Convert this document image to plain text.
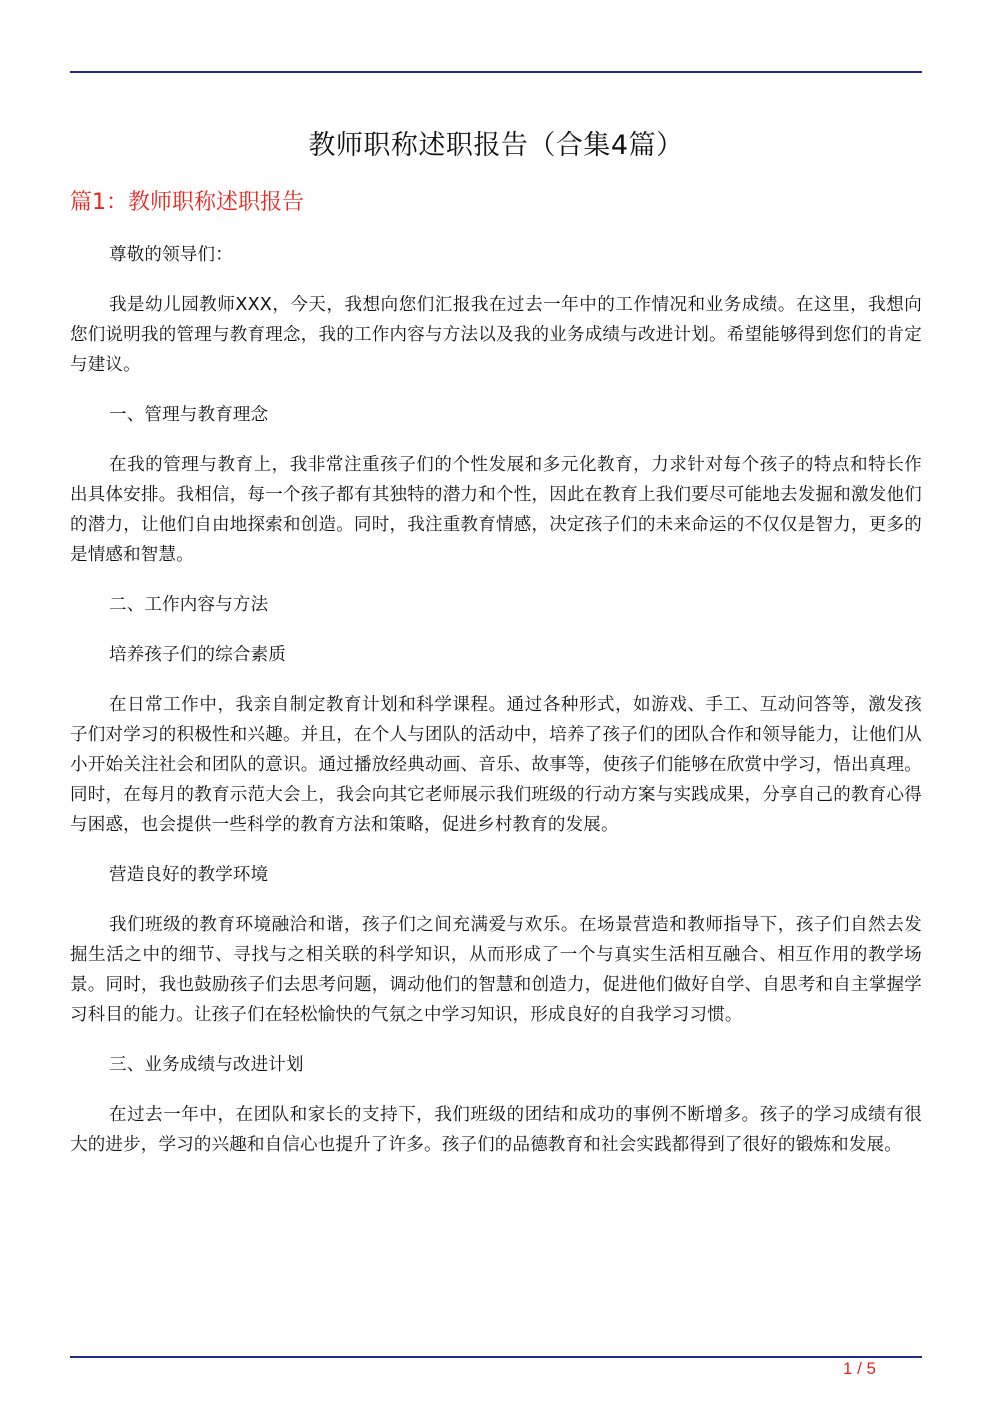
教师职称述职报告（合集4篇）
篇1：教师职称述职报告

尊敬的领导们：

我是幼儿园教师XXX，今天，我想向您们汇报我在过去一年中的工作情况和业务成绩。在这里，我想向您们说明我的管理与教育理念，我的工作内容与方法以及我的业务成绩与改进计划。希望能够得到您们的肯定与建议。

一、管理与教育理念

在我的管理与教育上，我非常注重孩子们的个性发展和多元化教育，力求针对每个孩子的特点和特长作出具体安排。我相信，每一个孩子都有其独特的潜力和个性，因此在教育上我们要尽可能地去发掘和激发他们的潜力，让他们自由地探索和创造。同时，我注重教育情感，决定孩子们的未来命运的不仅仅是智力，更多的是情感和智慧。

二、工作内容与方法

培养孩子们的综合素质

在日常工作中，我亲自制定教育计划和科学课程。通过各种形式，如游戏、手工、互动问答等，激发孩子们对学习的积极性和兴趣。并且，在个人与团队的活动中，培养了孩子们的团队合作和领导能力，让他们从小开始关注社会和团队的意识。通过播放经典动画、音乐、故事等，使孩子们能够在欣赏中学习，悟出真理。同时，在每月的教育示范大会上，我会向其它老师展示我们班级的行动方案与实践成果，分享自己的教育心得与困惑，也会提供一些科学的教育方法和策略，促进乡村教育的发展。

营造良好的教学环境

我们班级的教育环境融洽和谐，孩子们之间充满爱与欢乐。在场景营造和教师指导下，孩子们自然去发掘生活之中的细节、寻找与之相关联的科学知识，从而形成了一个与真实生活相互融合、相互作用的教学场景。同时，我也鼓励孩子们去思考问题，调动他们的智慧和创造力，促进他们做好自学、自思考和自主掌握学习科目的能力。让孩子们在轻松愉快的气氛之中学习知识，形成良好的自我学习习惯。

三、业务成绩与改进计划

在过去一年中，在团队和家长的支持下，我们班级的团结和成功的事例不断增多。孩子的学习成绩有很大的进步，学习的兴趣和自信心也提升了许多。孩子们的品德教育和社会实践都得到了很好的锻炼和发展。

1 / 5
